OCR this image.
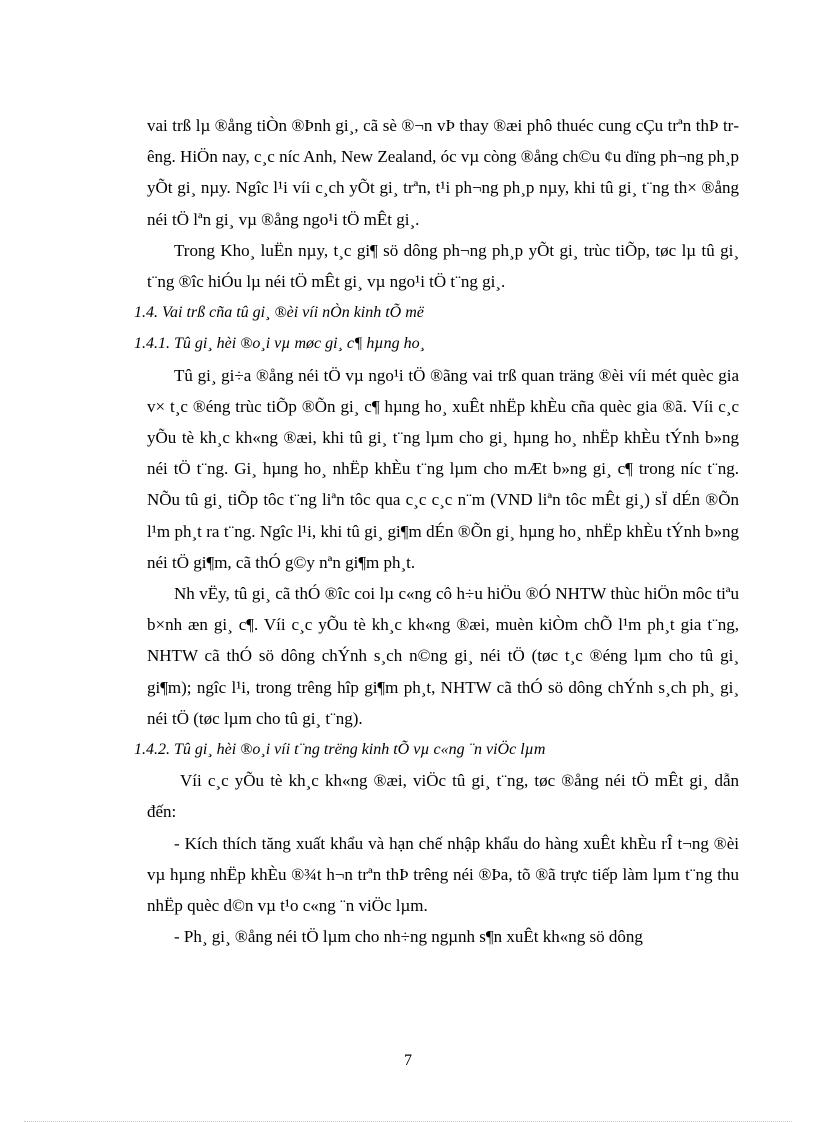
vai trß lµ ®ång tiÒn ®Þnh gi¸, cã sè ®¬n vÞ thay ®æi phô thuéc cung cÇu trªn thÞ trêng. HiÖn nay, c¸c níc Anh, New Zealand, óc vµ còng ®ång ch©u ¢u dïng ph¬ng ph¸p yÕt gi¸ nµy. Ngîc l¹i víi c¸ch yÕt gi¸ trªn, t¹i ph¬ng ph¸p nµy, khi tû gi¸ t¨ng th× ®ång néi tÖ lªn gi¸ vµ ®ång ngo¹i tÖ mÊt gi¸.

Trong Kho¸ luËn nµy, t¸c gi¶ sö dông ph¬ng ph¸p yÕt gi¸ trùc tiÕp, tøc lµ tû gi¸ t¨ng ®îc hiÓu lµ néi tÖ mÊt gi¸ vµ ngo¹i tÖ t¨ng gi¸.

1.4. Vai trß cña tû gi¸ ®èi víi nÒn kinh tÕ më

1.4.1. Tû gi¸ hèi ®o¸i vµ møc gi¸ c¶ hµng ho¸

Tû gi¸ gi÷a ®ång néi tÖ vµ ngo¹i tÖ ®ãng vai trß quan träng ®èi víi mét quèc gia v× t¸c ®éng trùc tiÕp ®Õn gi¸ c¶ hµng ho¸ xuÊt nhËp khÈu cña quèc gia ®ã. Víi c¸c yÕu tè kh¸c kh«ng ®æi, khi tû gi¸ t¨ng lµm cho gi¸ hµng ho¸ nhËp khÈu tÝnh b»ng néi tÖ t¨ng. Gi¸ hµng ho¸ nhËp khÈu t¨ng lµm cho mÆt b»ng gi¸ c¶ trong níc t¨ng. NÕu tû gi¸ tiÕp tôc t¨ng liªn tôc qua c¸c c¸c n¨m (VND liªn tôc mÊt gi¸) sÏ dÉn ®Õn l¹m ph¸t ra t¨ng. Ngîc l¹i, khi tû gi¸ gi¶m dÉn ®Õn gi¸ hµng ho¸ nhËp khÈu tÝnh b»ng néi tÖ gi¶m, cã thÓ g©y nªn gi¶m ph¸t.

Nh vËy, tû gi¸ cã thÓ ®îc coi lµ c«ng cô h÷u hiÖu ®Ó NHTW thùc hiÖn môc tiªu b×nh æn gi¸ c¶. Víi c¸c yÕu tè kh¸c kh«ng ®æi, muèn kiÒm chÕ l¹m ph¸t gia t¨ng, NHTW cã thÓ sö dông chÝnh s¸ch n©ng gi¸ néi tÖ (tøc t¸c ®éng lµm cho tû gi¸ gi¶m); ngîc l¹i, trong trêng hîp gi¶m ph¸t, NHTW cã thÓ sö dông chÝnh s¸ch ph¸ gi¸ néi tÖ (tøc lµm cho tû gi¸ t¨ng).

1.4.2. Tû gi¸ hèi ®o¸i víi t¨ng trëng kinh tÕ vµ c«ng ¨n viÖc lµm

Víi c¸c yÕu tè kh¸c kh«ng ®æi, viÖc tû gi¸ t¨ng, tøc ®ång néi tÖ mÊt gi¸ dẫn đến:

- Kích thích tăng xuất khẩu và hạn chế nhập khẩu do hàng xuÊt khÈu rÎ t¬ng ®èi vµ hµng nhËp khÈu ®¾t h¬n trªn thÞ trêng néi ®Þa, tõ ®ã trực tiếp làm lµm t¨ng thu nhËp quèc d©n vµ t¹o c«ng ¨n viÖc lµm.

- Ph¸ gi¸ ®ång néi tÖ lµm cho nh÷ng ngµnh s¶n xuÊt kh«ng sö dông

7
